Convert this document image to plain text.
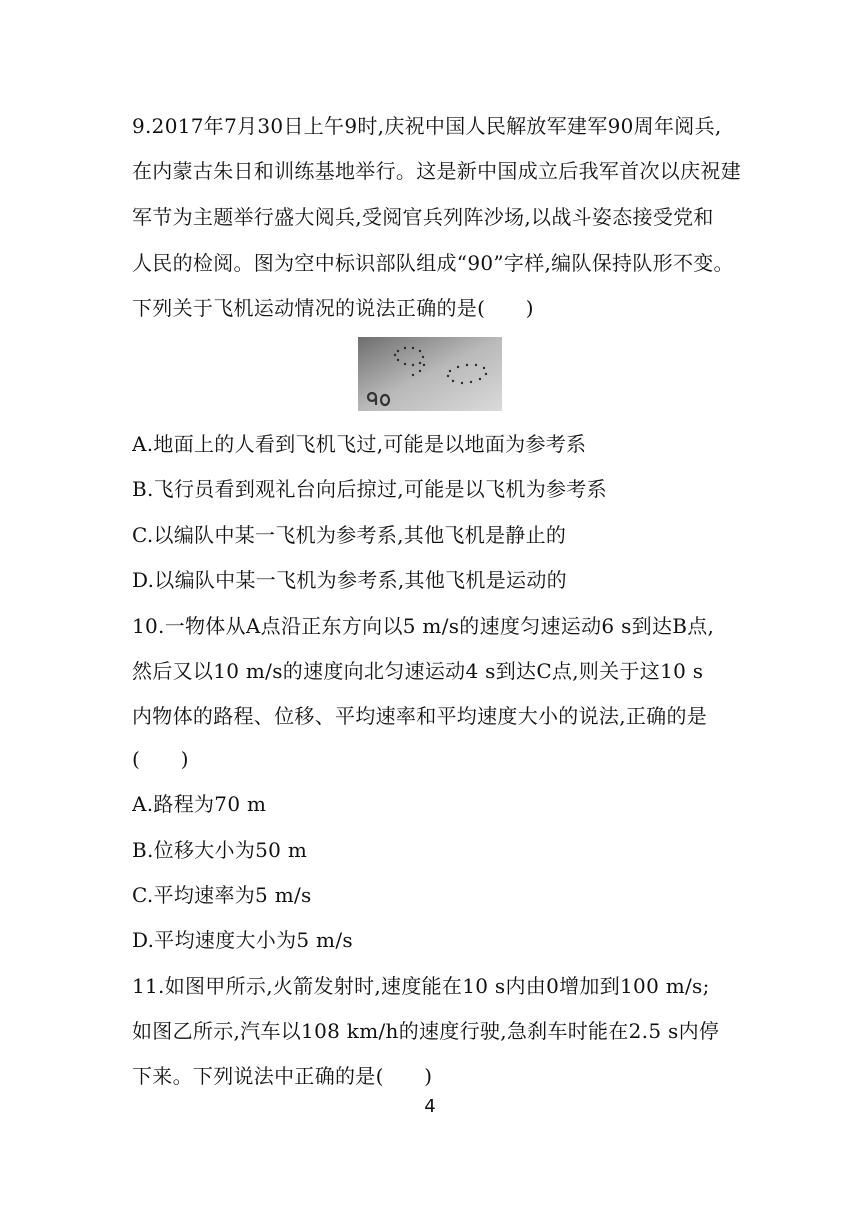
9.2017年7月30日上午9时,庆祝中国人民解放军建军90周年阅兵,
在内蒙古朱日和训练基地举行。这是新中国成立后我军首次以庆祝建
军节为主题举行盛大阅兵,受阅官兵列阵沙场,以战斗姿态接受党和
人民的检阅。图为空中标识部队组成“90”字样,编队保持队形不变。
下列关于飞机运动情况的说法正确的是(　　)
A.地面上的人看到飞机飞过,可能是以地面为参考系
B.飞行员看到观礼台向后掠过,可能是以飞机为参考系
C.以编队中某一飞机为参考系,其他飞机是静止的
D.以编队中某一飞机为参考系,其他飞机是运动的
10.一物体从A点沿正东方向以5 m/s的速度匀速运动6 s到达B点,
然后又以10 m/s的速度向北匀速运动4 s到达C点,则关于这10 s
内物体的路程、位移、平均速率和平均速度大小的说法,正确的是
(　　)
A.路程为70 m
B.位移大小为50 m
C.平均速率为5 m/s
D.平均速度大小为5 m/s
11.如图甲所示,火箭发射时,速度能在10 s内由0增加到100 m/s;
如图乙所示,汽车以108 km/h的速度行驶,急刹车时能在2.5 s内停
下来。下列说法中正确的是(　　)
4
